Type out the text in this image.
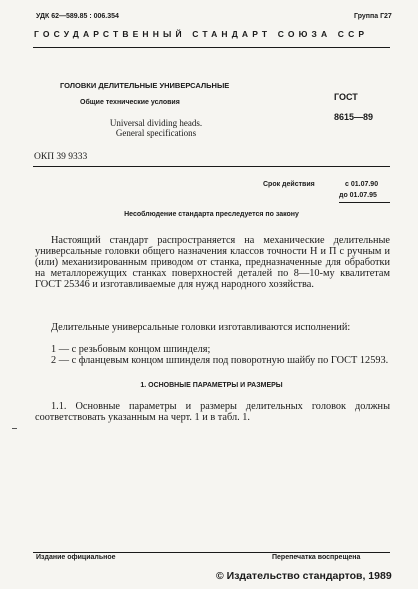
УДК 62—589.85 : 006.354	Группа Г27
ГОСУДАРСТВЕННЫЙ СТАНДАРТ СОЮЗА ССР
ГОЛОВКИ ДЕЛИТЕЛЬНЫЕ УНИВЕРСАЛЬНЫЕ
Общие технические условия
Universal dividing heads.
General specifications
ГОСТ
8615—89
ОКП 39 9333
Срок действия	с 01.07.90
до 01.07.95
Несоблюдение стандарта преследуется по закону

Настоящий стандарт распространяется на механические делительные универсальные головки общего назначения классов точности Н и П с ручным и (или) механизированным приводом от станка, предназначенные для обработки на металлорежущих станках поверхностей деталей по 8—10-му квалитетам ГОСТ 25346 и изготавливаемые для нужд народного хозяйства.

Делительные универсальные головки изготавливаются исполнений:

1 — с резьбовым концом шпинделя;
2 — с фланцевым концом шпинделя под поворотную шайбу по ГОСТ 12593.
1. ОСНОВНЫЕ ПАРАМЕТРЫ И РАЗМЕРЫ

1.1. Основные параметры и размеры делительных головок должны соответствовать указанным на черт. 1 и в табл. 1.

Издание официальное	Перепечатка воспрещена
© Издательство стандартов, 1989
